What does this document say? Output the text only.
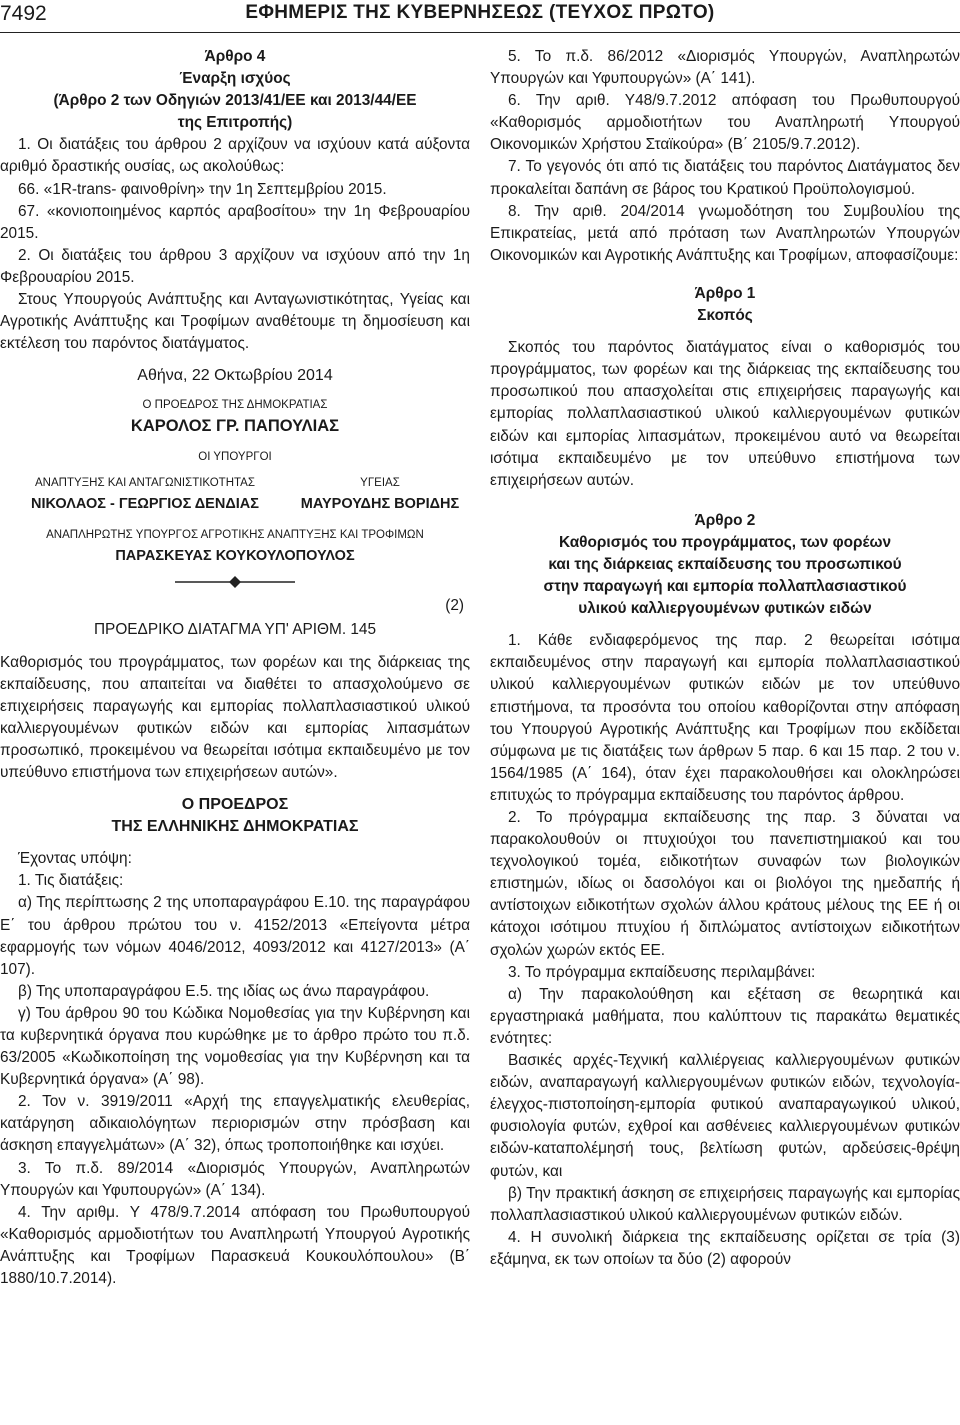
7492	ΕΦΗΜΕΡΙΣ ΤΗΣ ΚΥΒΕΡΝΗΣΕΩΣ (ΤΕΥΧΟΣ ΠΡΩΤΟ)

Άρθρο 4

Έναρξη ισχύος

(Άρθρο 2 των Οδηγιών 2013/41/ΕΕ και 2013/44/ΕΕ

της Επιτροπής)

1. Οι διατάξεις του άρθρου 2 αρχίζουν να ισχύουν κατά αύξοντα αριθμό δραστικής ουσίας, ως ακολούθως:

66. «1R-trans- φαινοθρίνη» την 1η Σεπτεμβρίου 2015.

67. «κονιοποιημένος καρπός αραβοσίτου» την 1η Φεβρουαρίου 2015.

2. Οι διατάξεις του άρθρου 3 αρχίζουν να ισχύουν από την 1η Φεβρουαρίου 2015.

Στους Υπουργούς Ανάπτυξης και Ανταγωνιστικότητας, Υγείας και Αγροτικής Ανάπτυξης και Τροφίμων αναθέτουμε τη δημοσίευση και εκτέλεση του παρόντος διατάγματος.

Αθήνα, 22 Οκτωβρίου 2014

Ο ΠΡΟΕΔΡΟΣ ΤΗΣ ΔΗΜΟΚΡΑΤΙΑΣ

ΚΑΡΟΛΟΣ ΓΡ. ΠΑΠΟΥΛΙΑΣ

ΟΙ ΥΠΟΥΡΓΟΙ

ΑΝΑΠΤΥΞΗΣ ΚΑΙ ΑΝΤΑΓΩΝΙΣΤΙΚΟΤΗΤΑΣ
ΝΙΚΟΛΑΟΣ - ΓΕΩΡΓΙΟΣ ΔΕΝΔΙΑΣ
ΥΓΕΙΑΣ
ΜΑΥΡΟΥΔΗΣ ΒΟΡΙΔΗΣ

ΑΝΑΠΛΗΡΩΤΗΣ ΥΠΟΥΡΓΟΣ ΑΓΡΟΤΙΚΗΣ ΑΝΑΠΤΥΞΗΣ ΚΑΙ ΤΡΟΦΙΜΩΝ

ΠΑΡΑΣΚΕΥΑΣ ΚΟΥΚΟΥΛΟΠΟΥΛΟΣ

(2)

ΠΡΟΕΔΡΙΚΟ ΔΙΑΤΑΓΜΑ ΥΠ' ΑΡΙΘΜ. 145

Καθορισμός του προγράμματος, των φορέων και της διάρκειας της εκπαίδευσης, που απαιτείται να διαθέτει το απασχολούμενο σε επιχειρήσεις παραγωγής και εμπορίας πολλαπλασιαστικού υλικού καλλιεργουμένων φυτικών ειδών και εμπορίας λιπασμάτων προσωπικό, προκειμένου να θεωρείται ισότιμα εκπαιδευμένο με τον υπεύθυνο επιστήμονα των επιχειρήσεων αυτών».

Ο ΠΡΟΕΔΡΟΣ

ΤΗΣ ΕΛΛΗΝΙΚΗΣ ΔΗΜΟΚΡΑΤΙΑΣ

Έχοντας υπόψη:

1. Τις διατάξεις:

α) Της περίπτωσης 2 της υποπαραγράφου Ε.10. της παραγράφου Ε΄ του άρθρου πρώτου του ν. 4152/2013 «Επείγοντα μέτρα εφαρμογής των νόμων 4046/2012, 4093/2012 και 4127/2013» (Α΄ 107).

β) Της υποπαραγράφου Ε.5. της ιδίας ως άνω παραγράφου.

γ) Του άρθρου 90 του Κώδικα Νομοθεσίας για την Κυβέρνηση και τα κυβερνητικά όργανα που κυρώθηκε με το άρθρο πρώτο του π.δ. 63/2005 «Κωδικοποίηση της νομοθεσίας για την Κυβέρνηση και τα Κυβερνητικά όργανα» (Α΄ 98).

2. Τον ν. 3919/2011 «Αρχή της επαγγελματικής ελευθερίας, κατάργηση αδικαιολόγητων περιορισμών στην πρόσβαση και άσκηση επαγγελμάτων» (Α΄ 32), όπως τροποποιήθηκε και ισχύει.

3. Το π.δ. 89/2014 «Διορισμός Υπουργών, Αναπληρωτών Υπουργών και Υφυπουργών» (Α΄ 134).

4. Την αριθμ. Υ 478/9.7.2014 απόφαση του Πρωθυπουργού «Καθορισμός αρμοδιοτήτων του Αναπληρωτή Υπουργού Αγροτικής Ανάπτυξης και Τροφίμων Παρασκευά Κουκουλόπουλου» (Β΄ 1880/10.7.2014).

5. Το π.δ. 86/2012 «Διορισμός Υπουργών, Αναπληρωτών Υπουργών και Υφυπουργών» (Α΄ 141).

6. Την αριθ. Υ48/9.7.2012 απόφαση του Πρωθυπουργού «Καθορισμός αρμοδιοτήτων του Αναπληρωτή Υπουργού Οικονομικών Χρήστου Σταϊκούρα» (Β΄ 2105/9.7.2012).

7. Το γεγονός ότι από τις διατάξεις του παρόντος Διατάγματος δεν προκαλείται δαπάνη σε βάρος του Κρατικού Προϋπολογισμού.

8. Την αριθ. 204/2014 γνωμοδότηση του Συμβουλίου της Επικρατείας, μετά από πρόταση των Αναπληρωτών Υπουργών Οικονομικών και Αγροτικής Ανάπτυξης και Τροφίμων, αποφασίζουμε:

Άρθρο 1

Σκοπός

Σκοπός του παρόντος διατάγματος είναι ο καθορισμός του προγράμματος, των φορέων και της διάρκειας της εκπαίδευσης του προσωπικού που απασχολείται στις επιχειρήσεις παραγωγής και εμπορίας πολλαπλασιαστικού υλικού καλλιεργουμένων φυτικών ειδών και εμπορίας λιπασμάτων, προκειμένου αυτό να θεωρείται ισότιμα εκπαιδευμένο με τον υπεύθυνο επιστήμονα των επιχειρήσεων αυτών.

Άρθρο 2

Καθορισμός του προγράμματος, των φορέων

και της διάρκειας εκπαίδευσης του προσωπικού

στην παραγωγή και εμπορία πολλαπλασιαστικού

υλικού καλλιεργουμένων φυτικών ειδών

1. Κάθε ενδιαφερόμενος της παρ. 2 θεωρείται ισότιμα εκπαιδευμένος στην παραγωγή και εμπορία πολλαπλασιαστικού υλικού καλλιεργουμένων φυτικών ειδών με τον υπεύθυνο επιστήμονα, τα προσόντα του οποίου καθορίζονται στην απόφαση του Υπουργού Αγροτικής Ανάπτυξης και Τροφίμων που εκδίδεται σύμφωνα με τις διατάξεις των άρθρων 5 παρ. 6 και 15 παρ. 2 του ν. 1564/1985 (Α΄ 164), όταν έχει παρακολουθήσει και ολοκληρώσει επιτυχώς το πρόγραμμα εκπαίδευσης του παρόντος άρθρου.

2. Το πρόγραμμα εκπαίδευσης της παρ. 3 δύναται να παρακολουθούν οι πτυχιούχοι του πανεπιστημιακού και του τεχνολογικού τομέα, ειδικοτήτων συναφών των βιολογικών επιστημών, ιδίως οι δασολόγοι και οι βιολόγοι της ημεδαπής ή αντίστοιχων ειδικοτήτων σχολών άλλου κράτους μέλους της ΕΕ ή οι κάτοχοι ισότιμου πτυχίου ή διπλώματος αντίστοιχων ειδικοτήτων σχολών χωρών εκτός ΕΕ.

3. Το πρόγραμμα εκπαίδευσης περιλαμβάνει:

α) Την παρακολούθηση και εξέταση σε θεωρητικά και εργαστηριακά μαθήματα, που καλύπτουν τις παρακάτω θεματικές ενότητες:

Βασικές αρχές-Τεχνική καλλιέργειας καλλιεργουμένων φυτικών ειδών, αναπαραγωγή καλλιεργουμένων φυτικών ειδών, τεχνολογία-έλεγχος-πιστοποίηση-εμπορία φυτικού αναπαραγωγικού υλικού, φυσιολογία φυτών, εχθροί και ασθένειες καλλιεργουμένων φυτικών ειδών-καταπολέμησή τους, βελτίωση φυτών, αρδεύσεις-θρέψη φυτών, και

β) Την πρακτική άσκηση σε επιχειρήσεις παραγωγής και εμπορίας πολλαπλασιαστικού υλικού καλλιεργουμένων φυτικών ειδών.

4. Η συνολική διάρκεια της εκπαίδευσης ορίζεται σε τρία (3) εξάμηνα, εκ των οποίων τα δύο (2) αφορούν
